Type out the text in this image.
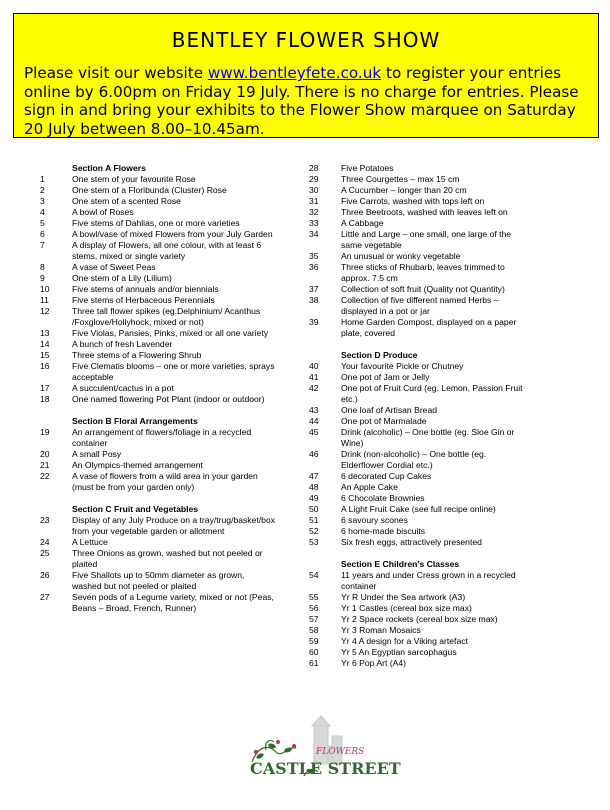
BENTLEY FLOWER SHOW
Please visit our website www.bentleyfete.co.uk to register your entries online by 6.00pm on Friday 19 July. There is no charge for entries. Please sign in and bring your exhibits to the Flower Show marquee on Saturday 20 July between 8.00–10.45am.
Section A Flowers
1	One stem of your favourite Rose
2	One stem of a Floribunda (Cluster) Rose
3	One stem of a scented Rose
4	A bowl of Roses
5	Five stems of Dahlias, one or more varieties
6	A bowl/vase of mixed Flowers from your July Garden
7	A display of Flowers, all one colour, with at least 6 stems, mixed or single variety
8	A vase of Sweet Peas
9	One stem of a Lily (Lilium)
10	Five stems of annuals and/or biennials
11	Five stems of Herbaceous Perennials
12	Three tall flower spikes (eg.Delphinium/ Acanthus /Foxglove/Hollyhock, mixed or not)
13	Five Violas, Pansies, Pinks, mixed or all one variety
14	A bunch of fresh Lavender
15	Three stems of a Flowering Shrub
16	Five Clematis blooms – one or more varieties, sprays acceptable
17	A succulent/cactus in a pot
18	One named flowering Pot Plant (indoor or outdoor)
Section B Floral Arrangements
19	An arrangement of flowers/foliage in a recycled container
20	A small Posy
21	An Olympics-themed arrangement
22	A vase of flowers from a wild area in your garden (must be from your garden only)
Section C Fruit and Vegetables
23	Display of any July Produce on a tray/trug/basket/box from your vegetable garden or allotment
24	A Lettuce
25	Three Onions as grown, washed but not peeled or plaited
26	Five Shallots up to 50mm diameter as grown, washed but not peeled or plaited
27	Seven pods of a Legume variety, mixed or not (Peas, Beans – Broad, French, Runner)
28	Five Potatoes
29	Three Courgettes – max 15 cm
30	A Cucumber – longer than 20 cm
31	Five Carrots, washed with tops left on
32	Three Beetroots, washed with leaves left on
33	A Cabbage
34	Little and Large – one small, one large of the same vegetable
35	An unusual or wonky vegetable
36	Three sticks of Rhubarb, leaves trimmed to approx. 7.5 cm
37	Collection of soft fruit (Quality not Quantity)
38	Collection of five different named Herbs – displayed in a pot or jar
39	Home Garden Compost, displayed on a paper plate, covered
Section D Produce
40	Your favourite Pickle or Chutney
41	One pot of Jam or Jelly
42	One pot of Fruit Curd (eg. Lemon, Passion Fruit etc.)
43	One loaf of Artisan Bread
44	One pot of Marmalade
45	Drink (alcoholic) – One bottle (eg. Sloe Gin or Wine)
46	Drink (non-alcoholic) – One bottle (eg. Elderflower Cordial etc.)
47	6 decorated Cup Cakes
48	An Apple Cake
49	6 Chocolate Brownies
50	A Light Fruit Cake (see full recipe online)
51	6 savoury scones
52	6 home-made biscuits
53	Six fresh eggs, attractively presented
Section E Children’s Classes
54	11 years and under Cress grown in a recycled container
55	Yr R Under the Sea artwork (A3)
56	Yr 1 Castles (cereal box size max)
57	Yr 2 Space rockets (cereal box size max)
58	Yr 3 Roman Mosaics
59	Yr 4 A design for a Viking artefact
60	Yr 5 An Egyptian sarcophagus
61	Yr 6 Pop Art (A4)
FLOWERS
CASTLE STREET
